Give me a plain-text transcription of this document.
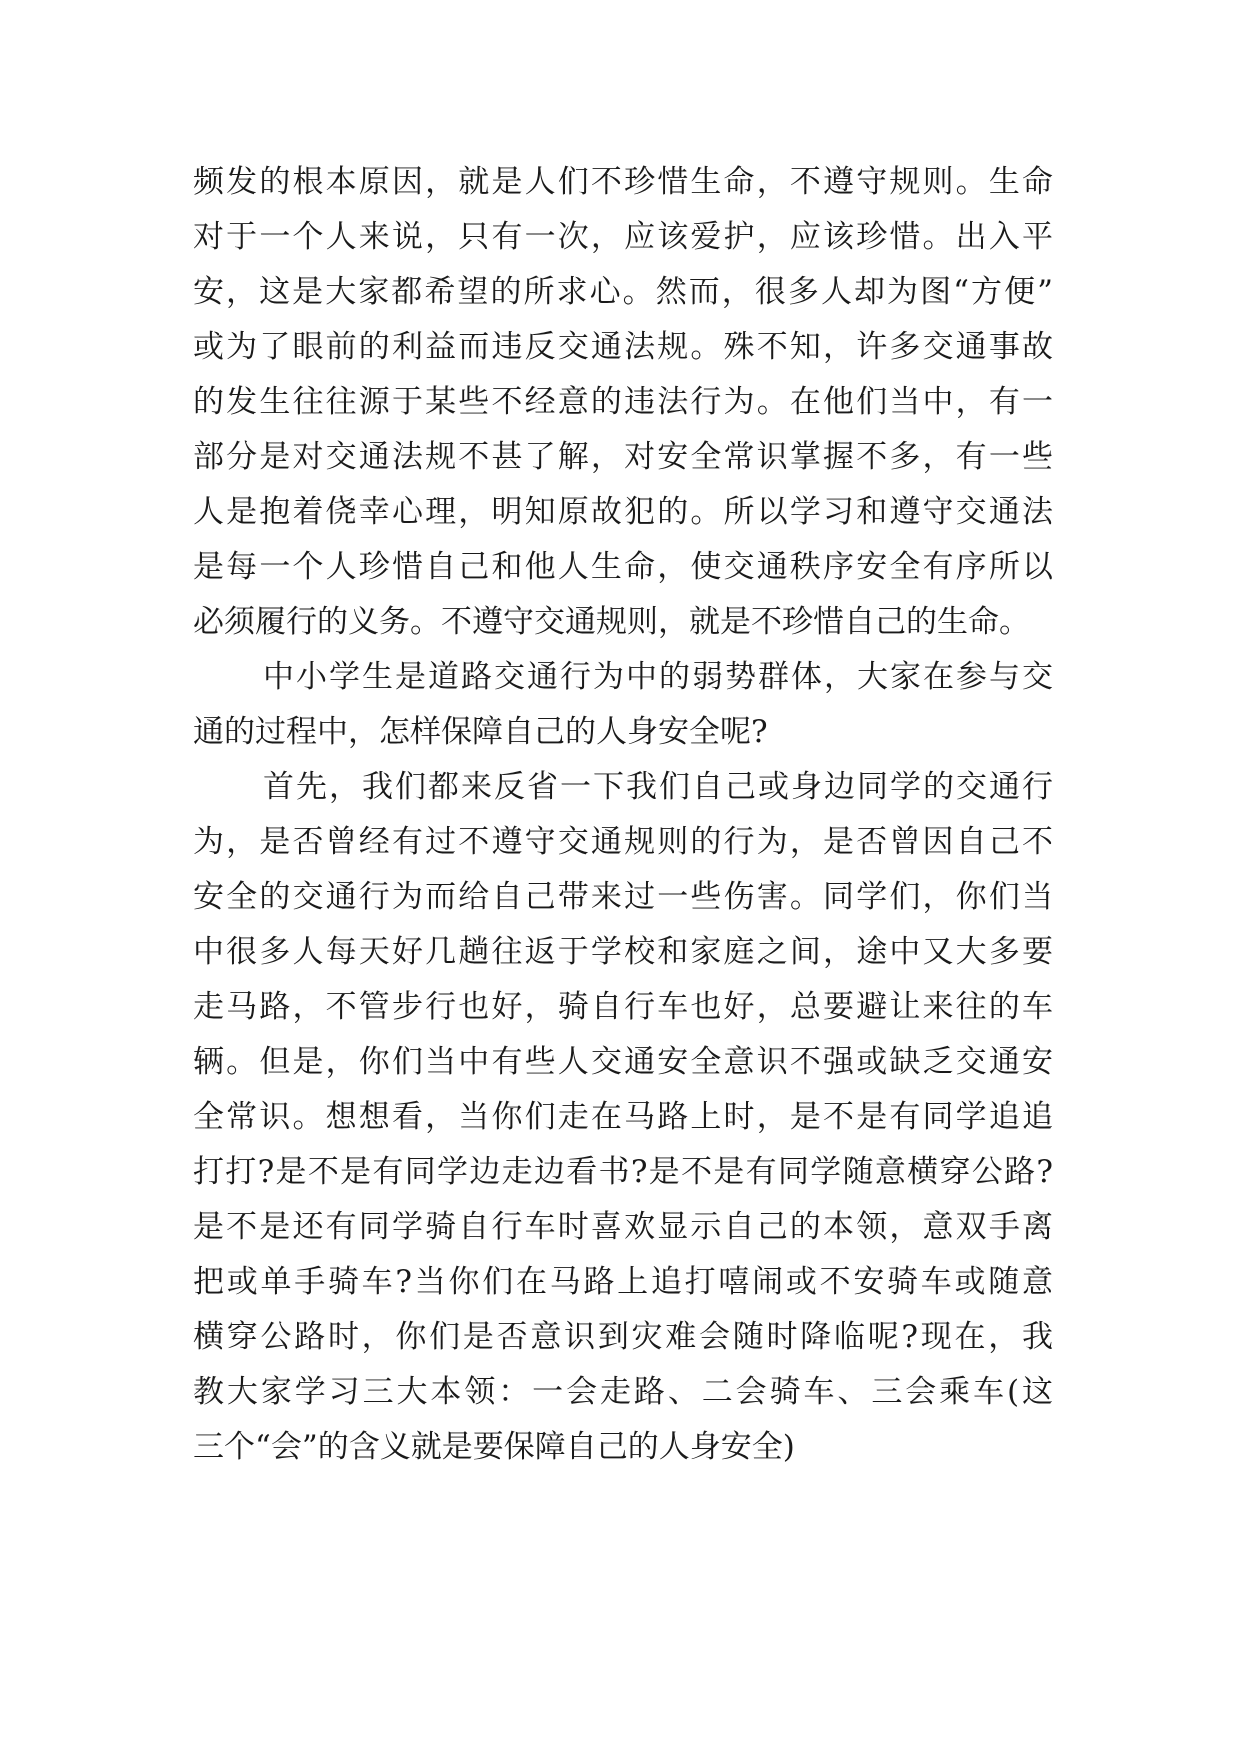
频发的根本原因，就是人们不珍惜生命，不遵守规则。生命
对于一个人来说，只有一次，应该爱护，应该珍惜。出入平
安，这是大家都希望的所求心。然而，很多人却为图“方便”
或为了眼前的利益而违反交通法规。殊不知，许多交通事故
的发生往往源于某些不经意的违法行为。在他们当中，有一
部分是对交通法规不甚了解，对安全常识掌握不多，有一些
人是抱着侥幸心理，明知原故犯的。所以学习和遵守交通法
是每一个人珍惜自己和他人生命，使交通秩序安全有序所以
必须履行的义务。不遵守交通规则，就是不珍惜自己的生命。
中小学生是道路交通行为中的弱势群体，大家在参与交
通的过程中，怎样保障自己的人身安全呢?
首先，我们都来反省一下我们自己或身边同学的交通行
为，是否曾经有过不遵守交通规则的行为，是否曾因自己不
安全的交通行为而给自己带来过一些伤害。同学们，你们当
中很多人每天好几趟往返于学校和家庭之间，途中又大多要
走马路，不管步行也好，骑自行车也好，总要避让来往的车
辆。但是，你们当中有些人交通安全意识不强或缺乏交通安
全常识。想想看，当你们走在马路上时，是不是有同学追追
打打?是不是有同学边走边看书?是不是有同学随意横穿公路?
是不是还有同学骑自行车时喜欢显示自己的本领，意双手离
把或单手骑车?当你们在马路上追打嘻闹或不安骑车或随意
横穿公路时，你们是否意识到灾难会随时降临呢?现在，我
教大家学习三大本领：一会走路、二会骑车、三会乘车(这
三个“会”的含义就是要保障自己的人身安全)
